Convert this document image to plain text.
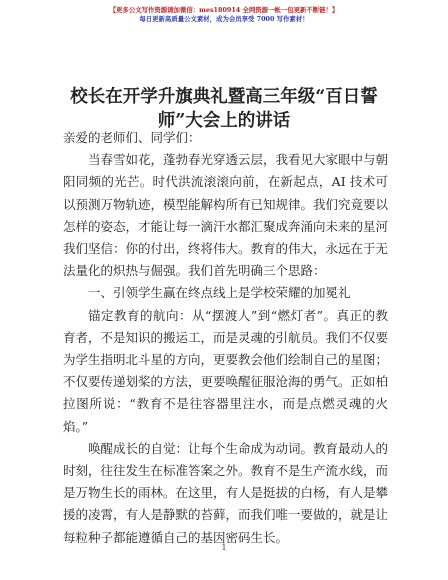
【更多公文写作资源请加微信：mes180914 全网资源一帐一包更新不断链！】
每日更新高质量公文素材，成为会员享受 7000 写作素材！
校长在开学升旗典礼暨高三年级“百日誓
师”大会上的讲话

亲爱的老师们、同学们：

当春雪如花，蓬勃春光穿透云层，我看见大家眼中与朝阳同频的光芒。时代洪流滚滚向前，在新起点，AI 技术可以预测万物轨迹，模型能解构所有已知规律。我们究竟要以怎样的姿态，才能让每一滴汗水都汇聚成奔涌向未来的星河我们坚信：你的付出，终将伟大。教育的伟大，永远在于无法量化的炽热与倔强。我们首先明确三个思路：

一、引领学生赢在终点线上是学校荣耀的加冕礼

锚定教育的航向：从“摆渡人”到“燃灯者”。真正的教育者，不是知识的搬运工，而是灵魂的引航员。我们不仅要为学生指明北斗星的方向，更要教会他们绘制自己的星图；不仅要传递划桨的方法，更要唤醒征服沧海的勇气。正如柏拉图所说：“教育不是往容器里注水，而是点燃灵魂的火焰。”

唤醒成长的自觉：让每个生命成为动词。教育最动人的时刻，往往发生在标准答案之外。教育不是生产流水线，而是万物生长的雨林。在这里，有人是挺拔的白杨，有人是攀援的凌霄，有人是静默的苔藓，而我们唯一要做的，就是让每粒种子都能遵循自己的基因密码生长。

1
